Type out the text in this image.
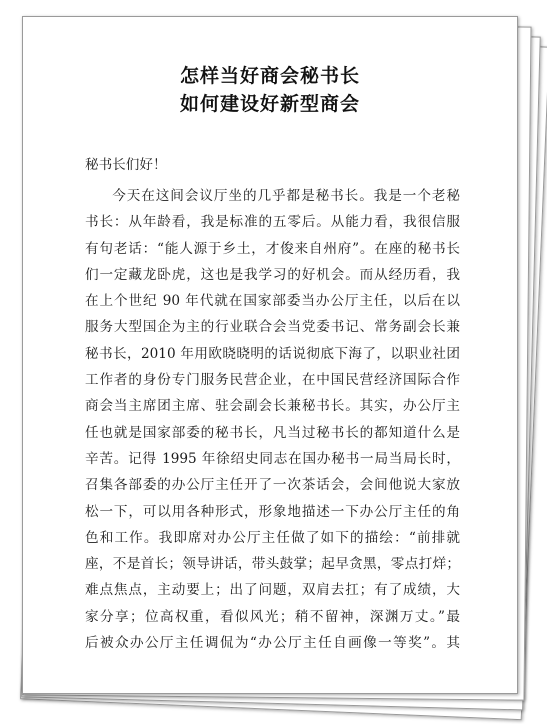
怎样当好商会秘书长
如何建设好新型商会
秘书长们好！
今天在这间会议厅坐的几乎都是秘书长。我是一个老秘
书长：从年龄看，我是标准的五零后。从能力看，我很信服
有句老话：“能人源于乡土，才俊来自州府”。在座的秘书长
们一定藏龙卧虎，这也是我学习的好机会。而从经历看，我
在上个世纪 90 年代就在国家部委当办公厅主任，以后在以
服务大型国企为主的行业联合会当党委书记、常务副会长兼
秘书长，2010 年用欧晓晓明的话说彻底下海了，以职业社团
工作者的身份专门服务民营企业，在中国民营经济国际合作
商会当主席团主席、驻会副会长兼秘书长。其实，办公厅主
任也就是国家部委的秘书长，凡当过秘书长的都知道什么是
辛苦。记得 1995 年徐绍史同志在国办秘书一局当局长时，
召集各部委的办公厅主任开了一次茶话会，会间他说大家放
松一下，可以用各种形式，形象地描述一下办公厅主任的角
色和工作。我即席对办公厅主任做了如下的描绘：“前排就
座，不是首长；领导讲话，带头鼓掌；起早贪黑，零点打烊；
难点焦点，主动要上；出了问题，双肩去扛；有了成绩，大
家分享；位高权重，看似风光；稍不留神，深渊万丈。”最
后被众办公厅主任调侃为“办公厅主任自画像一等奖”。其
